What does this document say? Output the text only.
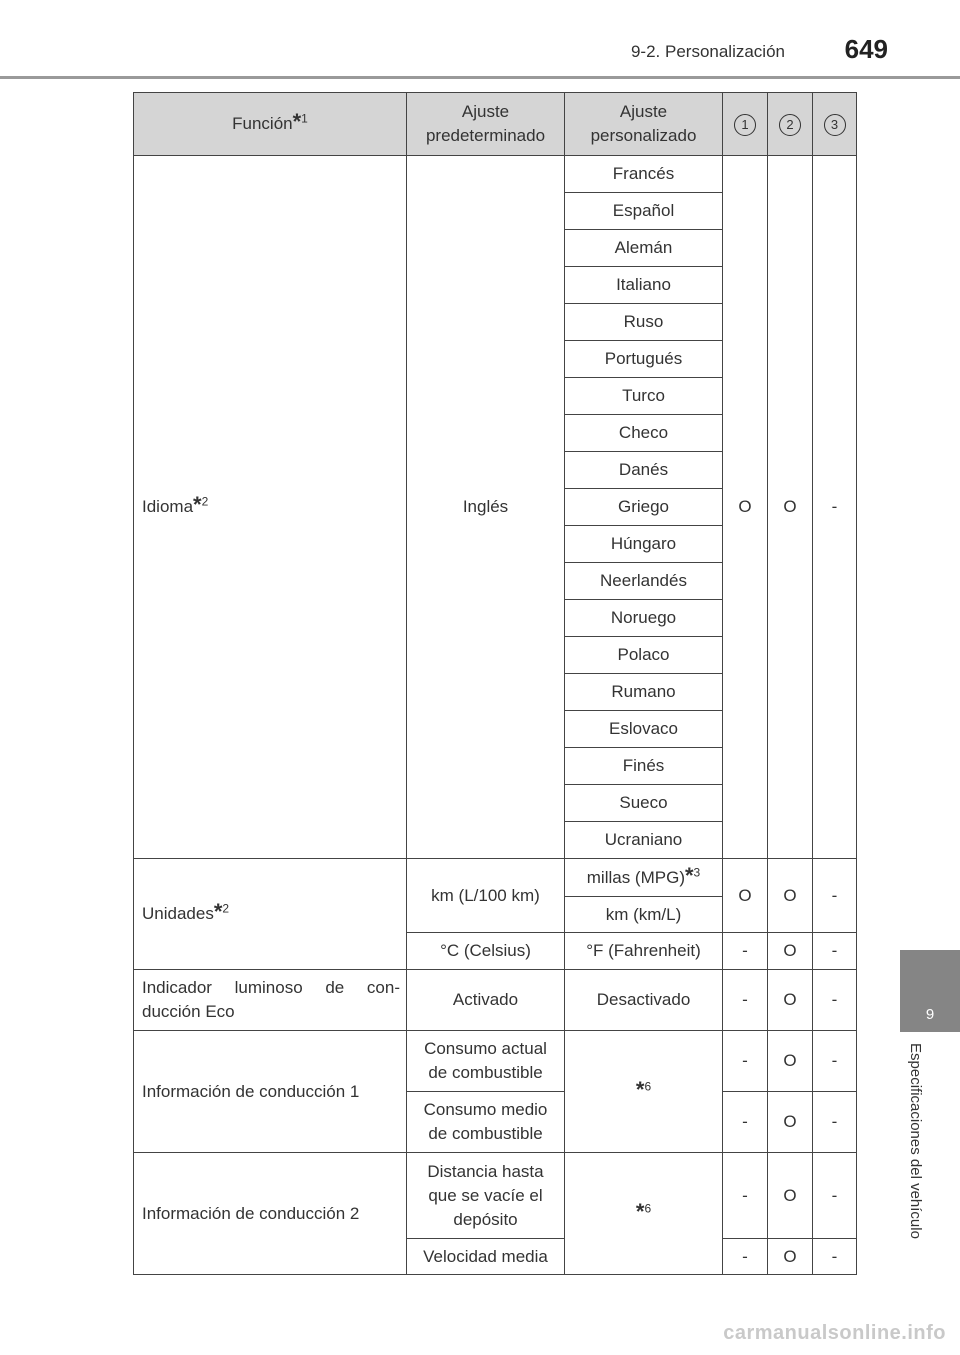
9-2. Personalización 649
9
Especificaciones del vehículo
Función*$^1$	Ajuste predeterminado	Ajuste personalizado	1	2	3
Idioma*$^2$	Inglés	Francés	O	O	-
		Español			
		Alemán			
		Italiano			
		Ruso			
		Portugués			
		Turco			
		Checo			
		Danés			
		Griego			
		Húngaro			
		Neerlandés			
		Noruego			
		Polaco			
		Rumano			
		Eslovaco			
		Finés			
		Sueco			
		Ucraniano			
Unidades*$^2$	km (L/100 km)	millas (MPG)*$^3$	O	O	-
		km (km/L)			
	°C (Celsius)	°F (Fahrenheit)	-	O	-
Indicador luminoso de con- ducción Eco	Activado	Desactivado	-	O	-
Información de conducción 1	Consumo actual de combustible	*$^6$	-	O	-
	Consumo medio de combustible		-	O	-
Información de conducción 2	Distancia hasta que se vacíe el depósito	*$^6$	-	O	-
	Velocidad media		-	O	-
carmanualsonline.info
